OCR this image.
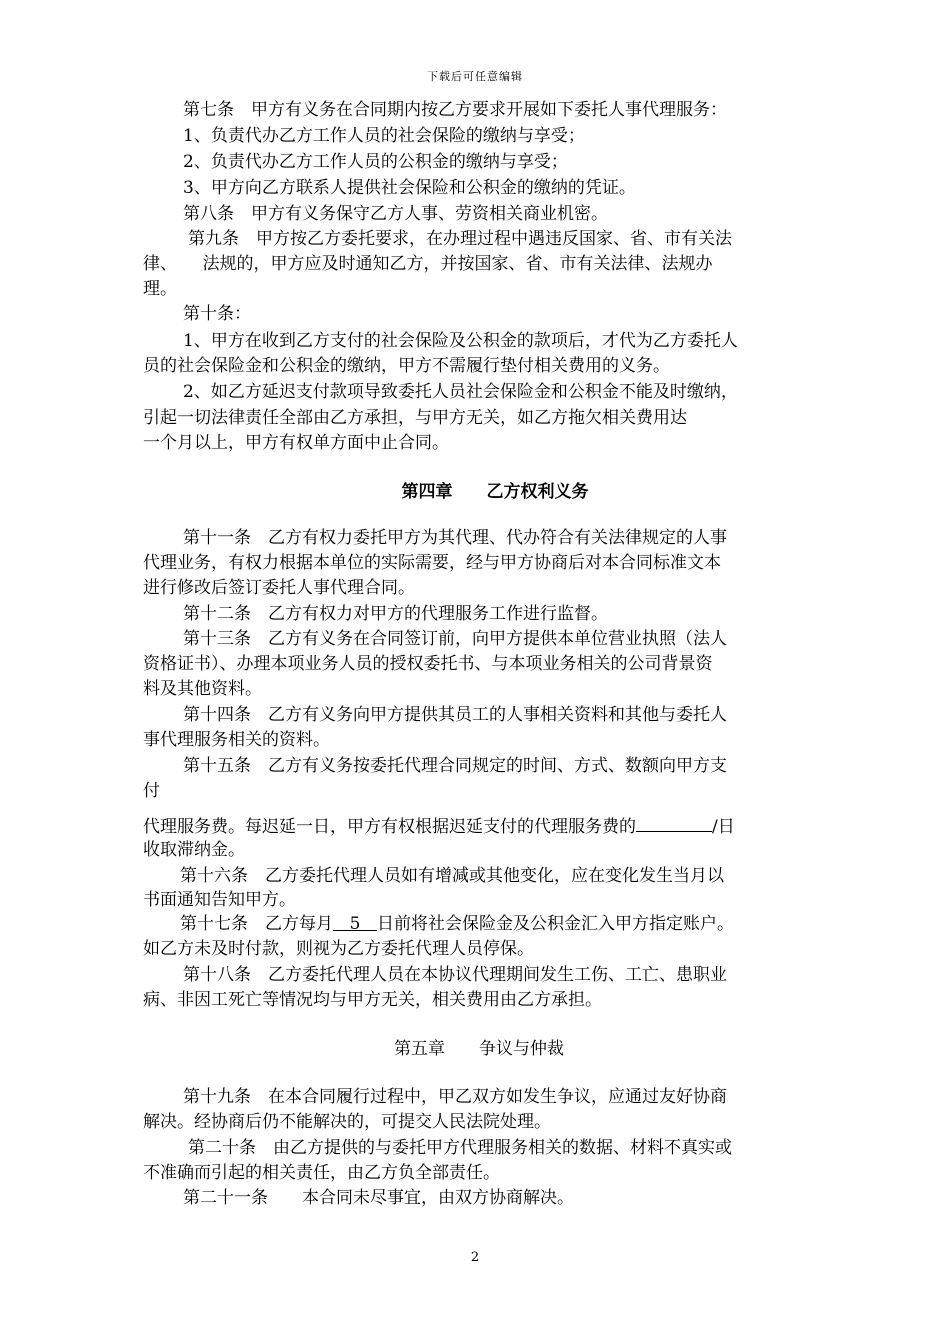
下载后可任意编辑
第七条　甲方有义务在合同期内按乙方要求开展如下委托人事代理服务：
1、负责代办乙方工作人员的社会保险的缴纳与享受；
2、负责代办乙方工作人员的公积金的缴纳与享受；
3、甲方向乙方联系人提供社会保险和公积金的缴纳的凭证。
第八条　甲方有义务保守乙方人事、劳资相关商业机密。
第九条　甲方按乙方委托要求，在办理过程中遇违反国家、省、市有关法
律、　　法规的，甲方应及时通知乙方，并按国家、省、市有关法律、法规办
理。
第十条：
1、甲方在收到乙方支付的社会保险及公积金的款项后，才代为乙方委托人
员的社会保险金和公积金的缴纳，甲方不需履行垫付相关费用的义务。
2、如乙方延迟支付款项导致委托人员社会保险金和公积金不能及时缴纳，
引起一切法律责任全部由乙方承担，与甲方无关，如乙方拖欠相关费用达
一个月以上，甲方有权单方面中止合同。
第四章　　乙方权利义务
第十一条　乙方有权力委托甲方为其代理、代办符合有关法律规定的人事
代理业务，有权力根据本单位的实际需要，经与甲方协商后对本合同标准文本
进行修改后签订委托人事代理合同。
第十二条　乙方有权力对甲方的代理服务工作进行监督。
第十三条　乙方有义务在合同签订前，向甲方提供本单位营业执照（法人
资格证书）、办理本项业务人员的授权委托书、与本项业务相关的公司背景资
料及其他资料。
第十四条　乙方有义务向甲方提供其员工的人事相关资料和其他与委托人
事代理服务相关的资料。
第十五条　乙方有义务按委托代理合同规定的时间、方式、数额向甲方支
付
代理服务费。每迟延一日，甲方有权根据迟延支付的代理服务费的	/日
收取滞纳金。
第十六条　乙方委托代理人员如有增减或其他变化，应在变化发生当月以
书面通知告知甲方。
第十七条　乙方每月 5 日前将社会保险金及公积金汇入甲方指定账户。
如乙方未及时付款，则视为乙方委托代理人员停保。
第十八条　乙方委托代理人员在本协议代理期间发生工伤、工亡、患职业
病、非因工死亡等情况均与甲方无关，相关费用由乙方承担。
第五章　　争议与仲裁
第十九条　在本合同履行过程中，甲乙双方如发生争议，应通过友好协商
解决。经协商后仍不能解决的，可提交人民法院处理。
第二十条　由乙方提供的与委托甲方代理服务相关的数据、材料不真实或
不准确而引起的相关责任，由乙方负全部责任。
第二十一条　　本合同未尽事宜，由双方协商解决。
2
